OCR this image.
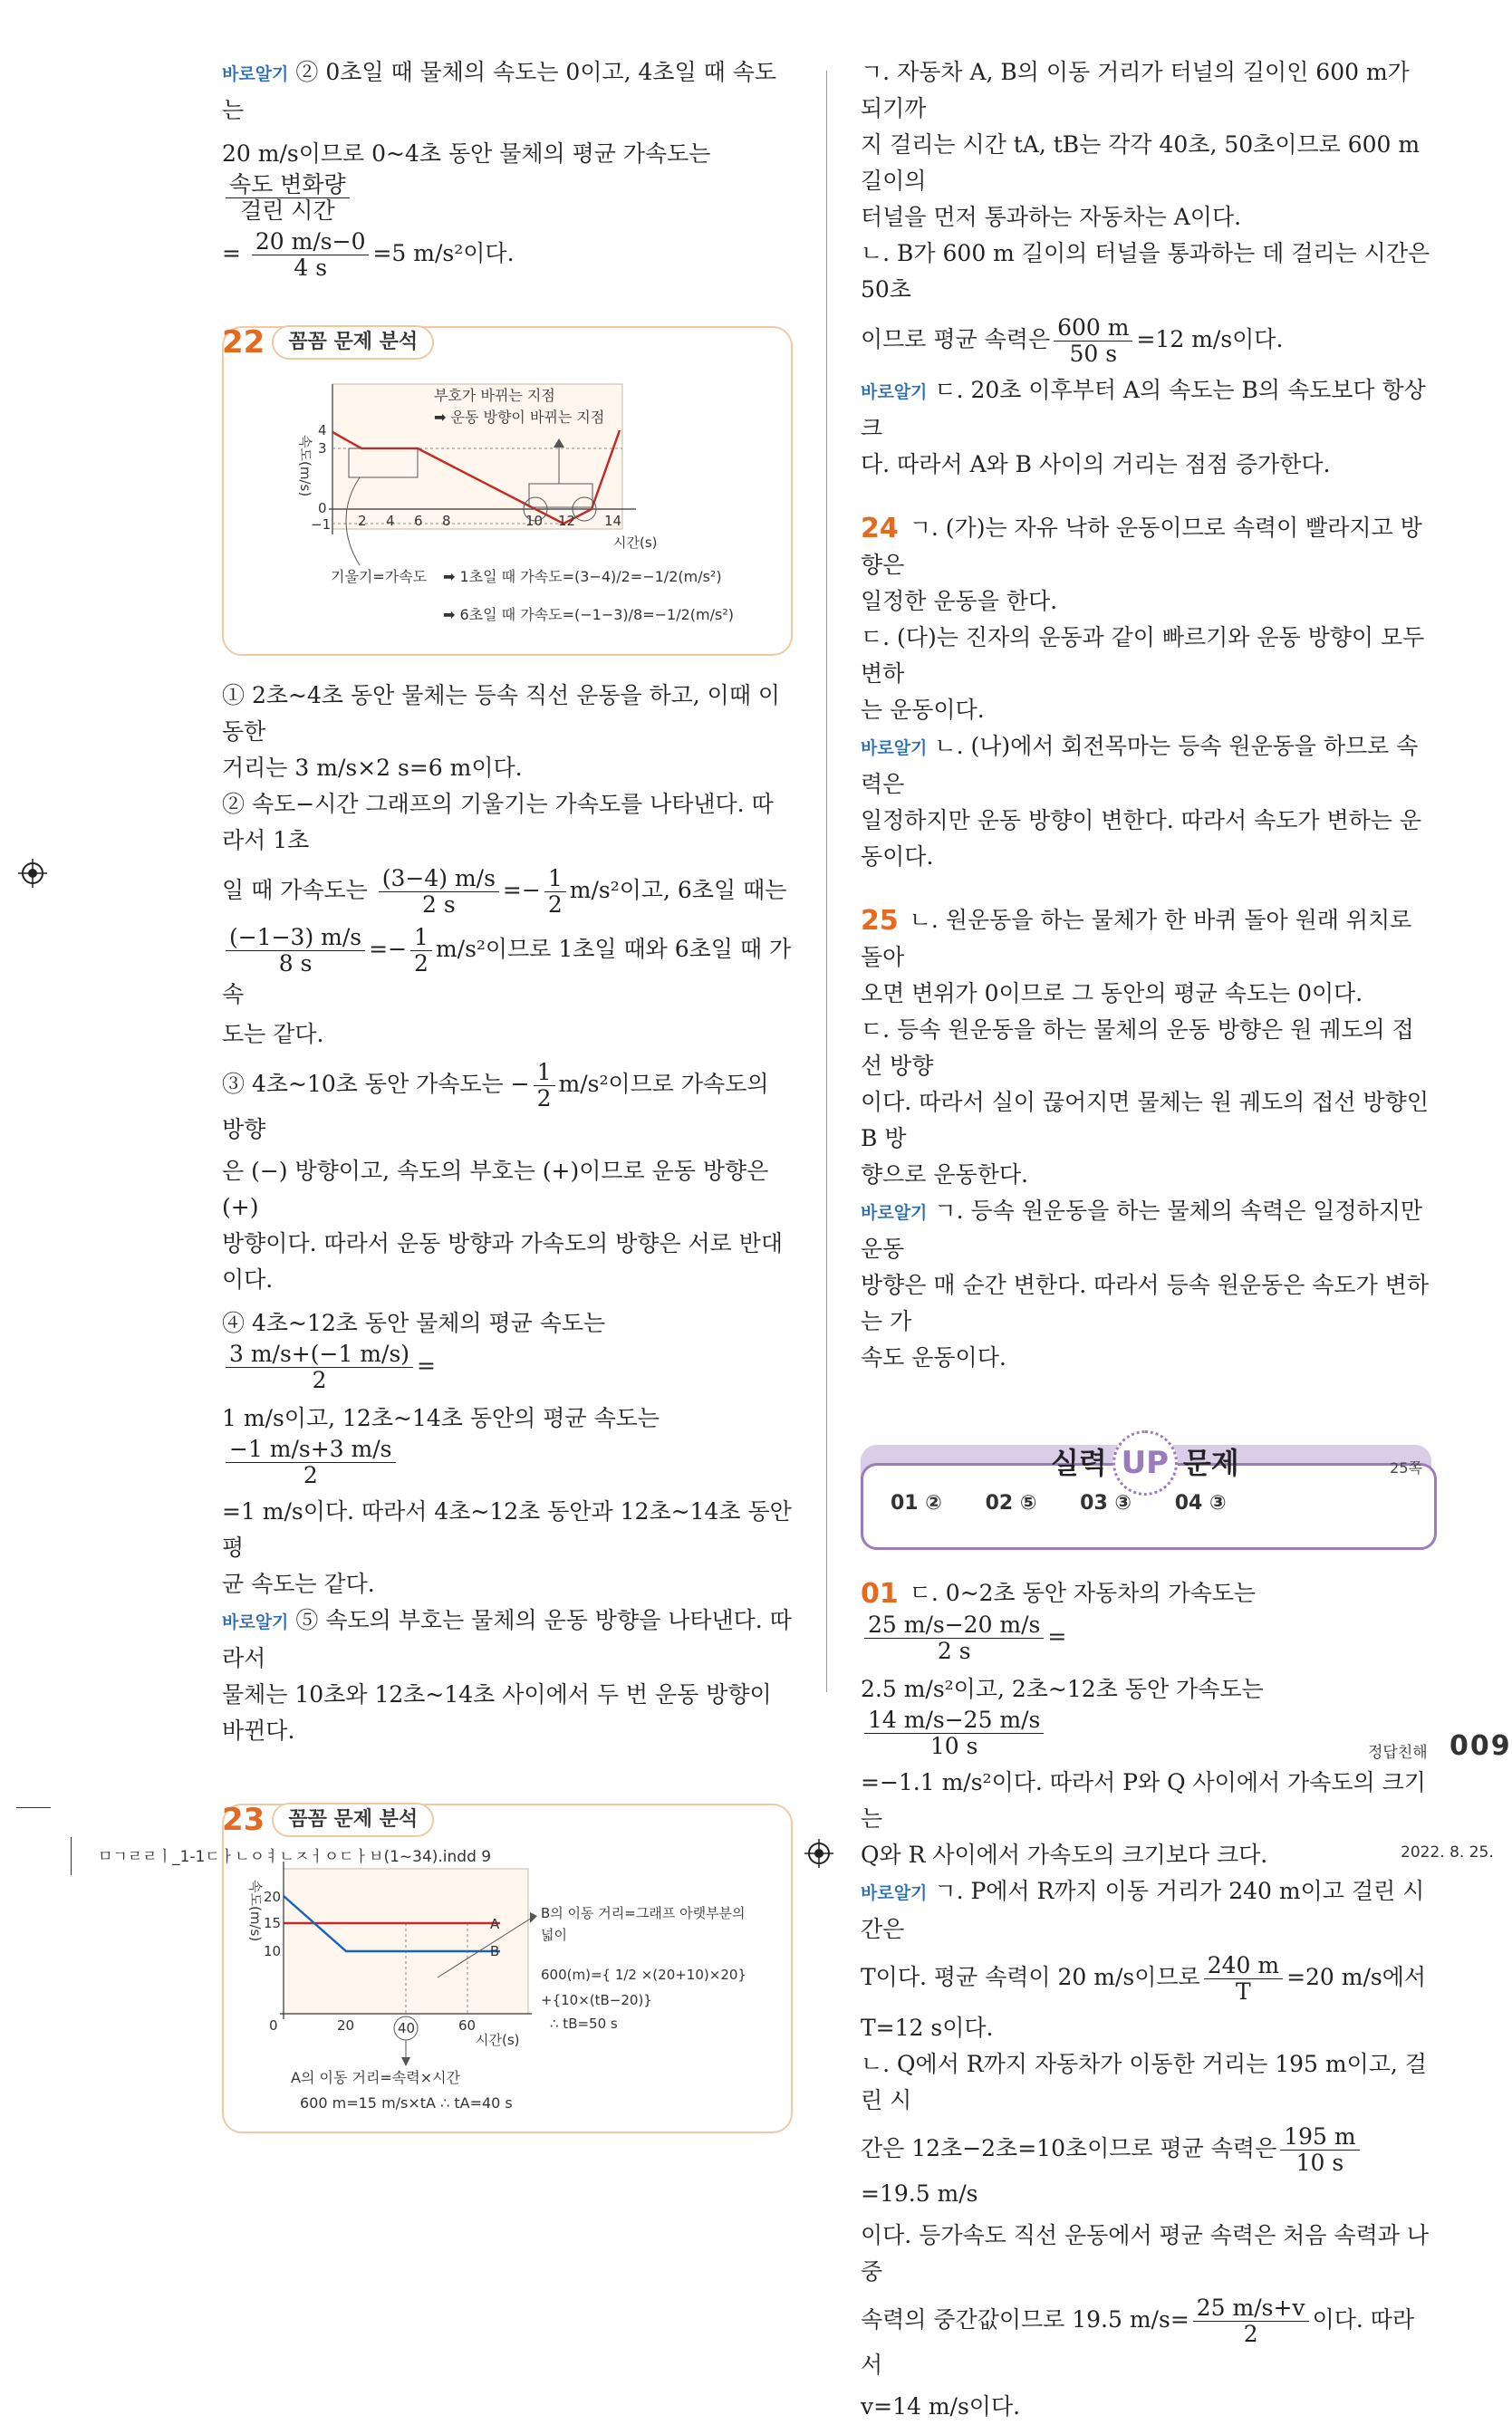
바로알기 ② 0초일 때 물체의 속도는 0이고, 4초일 때 속도는

20 m/s이므로 0~4초 동안 물체의 평균 가속도는
$\frac{\text{속도 변화량}}{\text{걸린 시간}}$

= $\frac{20 m/s-0}{4 s} =5$ m/s²이다.

22	꼼꼼 문제 분석
속도(m/s)
4
3
0
−1 2 4 6 8	10 12 14
시간(s)
부호가 바뀌는 지점
➡ 운동 방향이 바뀌는 지점
기울기=가속도 ➡ 1초일 때 가속도=(3−4)/2=−1/2(m/s²)
➡ 6초일 때 가속도=(−1−3)/8=−1/2(m/s²)

① 2초~4초 동안 물체는 등속 직선 운동을 하고, 이때 이동한

거리는 3 m/s×2 s=6 m이다.

② 속도−시간 그래프의 기울기는 가속도를 나타낸다. 따라서 1초

일 때 가속도는 $\frac{(3-4) m/s}{2 s} =- \frac{1}{2} m/s^2$이고, 6초일 때는

$\frac{(-1-3) m/s}{8 s} =- \frac{1}{2} m/s^2$이므로 1초일 때와 6초일 때 가속

도는 같다.

③ 4초~10초 동안 가속도는 − $\frac{1}{2} m/s^2$이므로 가속도의 방향

은 (−) 방향이고, 속도의 부호는 (+)이므로 운동 방향은 (+)

방향이다. 따라서 운동 방향과 가속도의 방향은 서로 반대이다.

④ 4초~12초 동안 물체의 평균 속도는
$\frac{3 m/s+(-1 m/s)}{2}$ =

1 m/s이고, 12초~14초 동안의 평균 속도는
$\frac{-1 m/s+3 m/s}{2}$

=1 m/s이다. 따라서 4초~12초 동안과 12초~14초 동안 평

균 속도는 같다.

바로알기 ⑤ 속도의 부호는 물체의 운동 방향을 나타낸다. 따라서

물체는 10초와 12초~14초 사이에서 두 번 운동 방향이 바뀐다.

23	꼼꼼 문제 분석
속도(m/s) 20
15
10
0	20	40	60
시간(s)
A
B
B의 이동 거리=그래프 아랫부분의
넓이
600(m)={ 1/2 ×(20+10)×20}
+{10×(tB−20)}
∴ tB=50 s
A의 이동 거리=속력×시간
600 m=15 m/s×tA ∴ tA=40 s

ㄱ. 자동차 A, B의 이동 거리가 터널의 길이인 600 m가 되기까

지 걸리는 시간 tA, tB는 각각 40초, 50초이므로 600 m 길이의

터널을 먼저 통과하는 자동차는 A이다.

ㄴ. B가 600 m 길이의 터널을 통과하는 데 걸리는 시간은 50초

이므로 평균 속력은 $\frac{600 m}{50 s} =12$ m/s이다.

바로알기 ㄷ. 20초 이후부터 A의 속도는 B의 속도보다 항상 크

다. 따라서 A와 B 사이의 거리는 점점 증가한다.

24 ㄱ. (가)는 자유 낙하 운동이므로 속력이 빨라지고 방향은

일정한 운동을 한다.

ㄷ. (다)는 진자의 운동과 같이 빠르기와 운동 방향이 모두 변하

는 운동이다.

바로알기 ㄴ. (나)에서 회전목마는 등속 원운동을 하므로 속력은

일정하지만 운동 방향이 변한다. 따라서 속도가 변하는 운동이다.

25 ㄴ. 원운동을 하는 물체가 한 바퀴 돌아 원래 위치로 돌아

오면 변위가 0이므로 그 동안의 평균 속도는 0이다.

ㄷ. 등속 원운동을 하는 물체의 운동 방향은 원 궤도의 접선 방향

이다. 따라서 실이 끊어지면 물체는 원 궤도의 접선 방향인 B 방

향으로 운동한다.

바로알기 ㄱ. 등속 원운동을 하는 물체의 속력은 일정하지만 운동

방향은 매 순간 변한다. 따라서 등속 원운동은 속도가 변하는 가

속도 운동이다.

01 ② 02 ⑤ 03 ③ 04 ③
실력 UP 문제	25쪽

01 ㄷ. 0~2초 동안 자동차의 가속도는
$\frac{25 m/s-20 m/s}{2 s}$ =

2.5 m/s²이고, 2초~12초 동안 가속도는
$\frac{14 m/s-25 m/s}{10 s}$

=−1.1 m/s²이다. 따라서 P와 Q 사이에서 가속도의 크기는

Q와 R 사이에서 가속도의 크기보다 크다.

바로알기 ㄱ. P에서 R까지 이동 거리가 240 m이고 걸린 시간은

T이다. 평균 속력이 20 m/s이므로 $\frac{240 m}{T} =20$ m/s에서

T=12 s이다.

ㄴ. Q에서 R까지 자동차가 이동한 거리는 195 m이고, 걸린 시

간은 12초−2초=10초이므로 평균 속력은 $\frac{195 m}{10 s}$
=19.5 m/s

이다. 등가속도 직선 운동에서 평균 속력은 처음 속력과 나중

속력의 중간값이므로 19.5 $m/s= \frac{25 m/s+v}{2}$ 이다. 따라서

v=14 m/s이다.

정답친해 009
ㅁㄱㄹㄹㅣ_1-1ㄷㅏㄴㅇㅕㄴㅈㅓㅇㄷㅏㅂ(1~34).indd 9	2022. 8. 25.
